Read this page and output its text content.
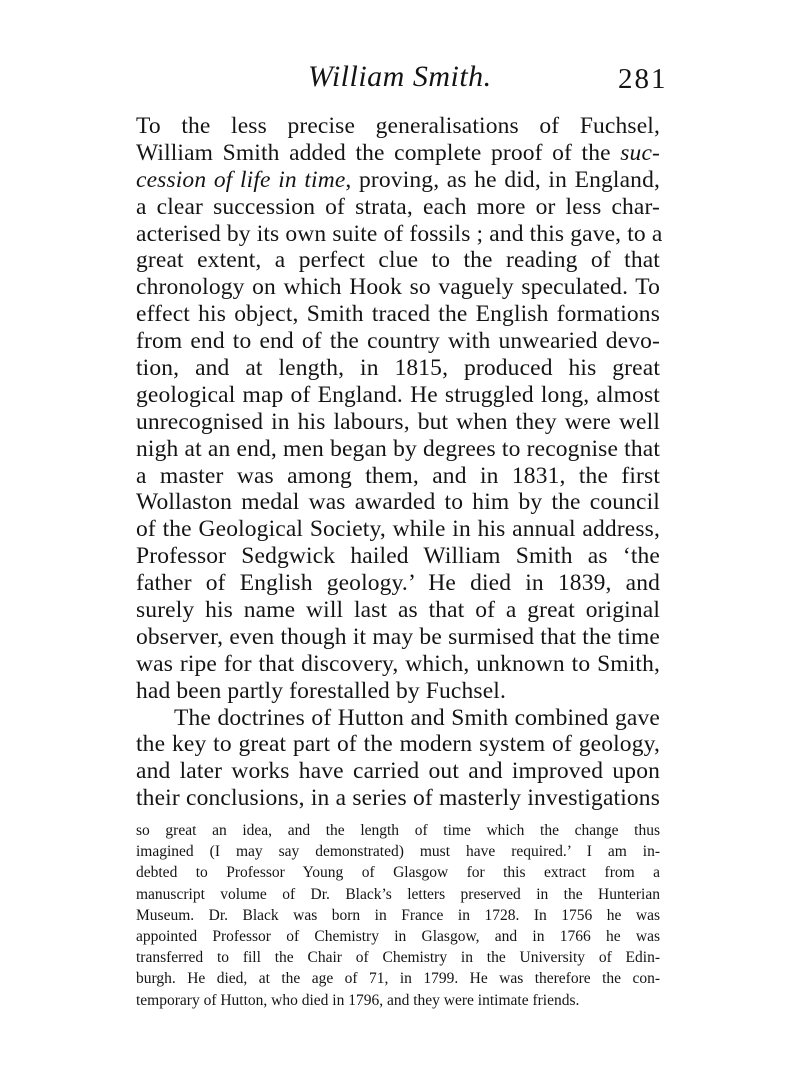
William Smith.	281
To the less precise generalisations of Fuchsel,
William Smith added the complete proof of the suc-
cession of life in time, proving, as he did, in England,
a clear succession of strata, each more or less char-
acterised by its own suite of fossils ; and this gave, to a
great extent, a perfect clue to the reading of that
chronology on which Hook so vaguely speculated. To
effect his object, Smith traced the English formations
from end to end of the country with unwearied devo-
tion, and at length, in 1815, produced his great
geological map of England. He struggled long, almost
unrecognised in his labours, but when they were well
nigh at an end, men began by degrees to recognise that
a master was among them, and in 1831, the first
Wollaston medal was awarded to him by the council
of the Geological Society, while in his annual address,
Professor Sedgwick hailed William Smith as ‘the
father of English geology.’ He died in 1839, and
surely his name will last as that of a great original
observer, even though it may be surmised that the time
was ripe for that discovery, which, unknown to Smith,
had been partly forestalled by Fuchsel.
The doctrines of Hutton and Smith combined gave
the key to great part of the modern system of geology,
and later works have carried out and improved upon
their conclusions, in a series of masterly investigations
so great an idea, and the length of time which the change thus
imagined (I may say demonstrated) must have required.’ I am in-
debted to Professor Young of Glasgow for this extract from a
manuscript volume of Dr. Black’s letters preserved in the Hunterian
Museum. Dr. Black was born in France in 1728. In 1756 he was
appointed Professor of Chemistry in Glasgow, and in 1766 he was
transferred to fill the Chair of Chemistry in the University of Edin-
burgh. He died, at the age of 71, in 1799. He was therefore the con-
temporary of Hutton, who died in 1796, and they were intimate friends.
